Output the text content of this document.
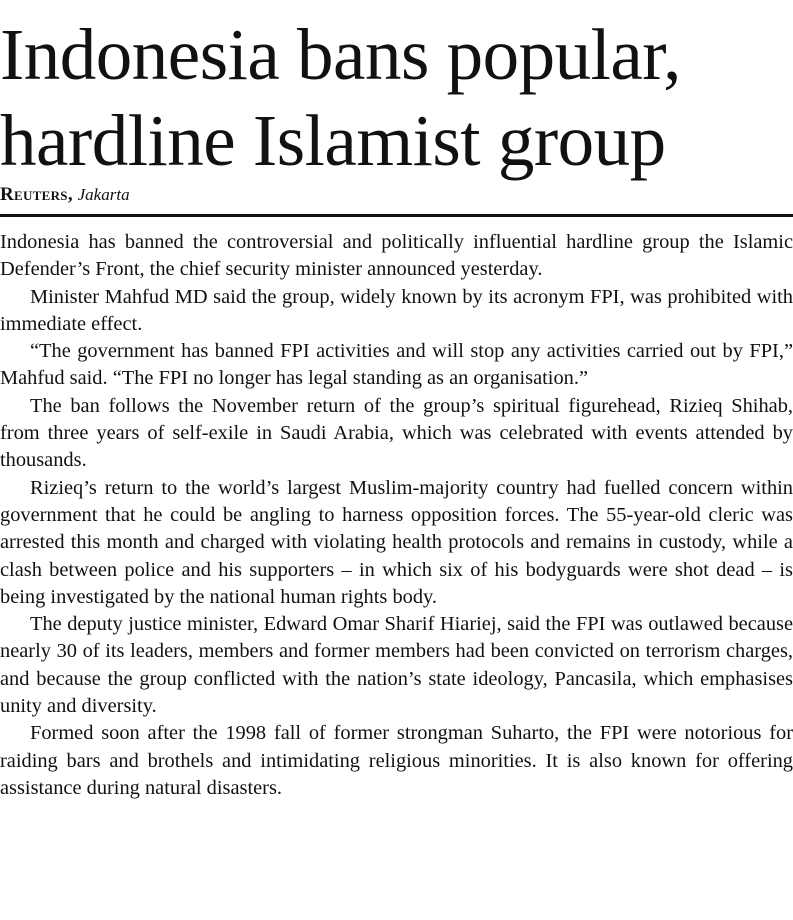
Indonesia bans popular,
hardline Islamist group
Reuters, Jakarta

Indonesia has banned the controversial and politically influential hardline group the Islamic Defender’s Front, the chief security minister announced yesterday.

Minister Mahfud MD said the group, widely known by its acronym FPI, was prohibited with immediate effect.

“The government has banned FPI activities and will stop any activities carried out by FPI,” Mahfud said. “The FPI no longer has legal standing as an organisation.”

The ban follows the November return of the group’s spiritual figurehead, Rizieq Shihab, from three years of self-exile in Saudi Arabia, which was celebrated with events attended by thousands.

Rizieq’s return to the world’s largest Muslim-majority country had fuelled concern within government that he could be angling to harness opposition forces. The 55-year-old cleric was arrested this month and charged with violating health protocols and remains in custody, while a clash between police and his supporters – in which six of his bodyguards were shot dead – is being investigated by the national human rights body.

The deputy justice minister, Edward Omar Sharif Hiariej, said the FPI was outlawed because nearly 30 of its leaders, members and former members had been convicted on terrorism charges, and because the group conflicted with the nation’s state ideology, Pancasila, which emphasises unity and diversity.

Formed soon after the 1998 fall of former strongman Suharto, the FPI were notorious for raiding bars and brothels and intimidating religious minorities. It is also known for offering assistance during natural disasters.
